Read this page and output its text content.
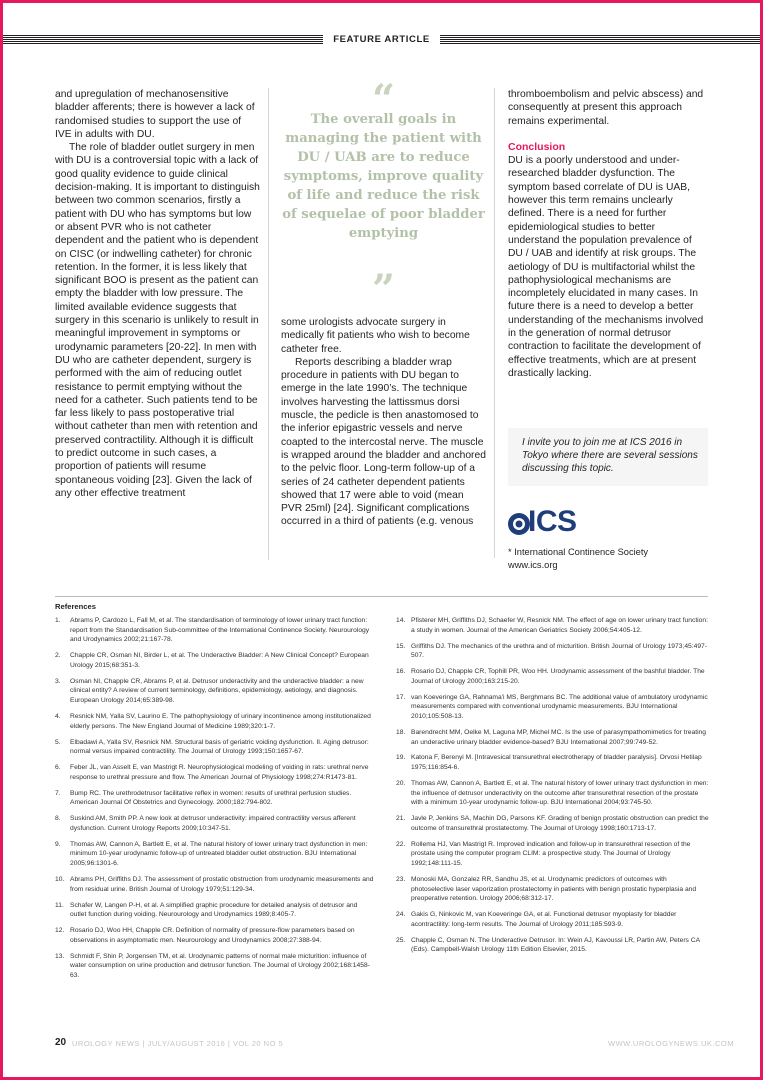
FEATURE ARTICLE

and upregulation of mechanosensitive bladder afferents; there is however a lack of randomised studies to support the use of IVE in adults with DU.

The role of bladder outlet surgery in men with DU is a controversial topic with a lack of good quality evidence to guide clinical decision-making. It is important to distinguish between two common scenarios, firstly a patient with DU who has symptoms but low or absent PVR who is not catheter dependent and the patient who is dependent on CISC (or indwelling catheter) for chronic retention. In the former, it is less likely that significant BOO is present as the patient can empty the bladder with low pressure. The limited available evidence suggests that surgery in this scenario is unlikely to result in meaningful improvement in symptoms or urodynamic parameters [20-22]. In men with DU who are catheter dependent, surgery is performed with the aim of reducing outlet resistance to permit emptying without the need for a catheter. Such patients tend to be far less likely to pass postoperative trial without catheter than men with retention and preserved contractility. Although it is difficult to predict outcome in such cases, a proportion of patients will resume spontaneous voiding [23]. Given the lack of any other effective treatment

“
The overall goals in managing the patient with DU / UAB are to reduce symptoms, improve quality of life and reduce the risk of sequelae of poor bladder emptying
”

some urologists advocate surgery in medically fit patients who wish to become catheter free.

Reports describing a bladder wrap procedure in patients with DU began to emerge in the late 1990’s. The technique involves harvesting the lattissmus dorsi muscle, the pedicle is then anastomosed to the inferior epigastric vessels and nerve coapted to the intercostal nerve. The muscle is wrapped around the bladder and anchored to the pelvic floor. Long-term follow-up of a series of 24 catheter dependent patients showed that 17 were able to void (mean PVR 25ml) [24]. Significant complications occurred in a third of patients (e.g. venous

thromboembolism and pelvic abscess) and consequently at present this approach remains experimental.

Conclusion

DU is a poorly understood and under-researched bladder dysfunction. The symptom based correlate of DU is UAB, however this term remains unclearly defined. There is a need for further epidemiological studies to better understand the population prevalence of DU / UAB and identify at risk groups. The aetiology of DU is multifactorial whilst the pathophysiological mechanisms are incompletely elucidated in many cases. In future there is a need to develop a better understanding of the mechanisms involved in the generation of normal detrusor contraction to facilitate the development of effective treatments, which are at present drastically lacking.

I invite you to join me at ICS 2016 in Tokyo where there are several sessions discussing this topic.
ICS
* International Continence Society
www.ics.org
References
1.	Abrams P, Cardozo L, Fall M, et al. The standardisation of terminology of lower urinary tract function: report from the Standardisation Sub-committee of the International Continence Society. Neurourology and Urodynamics 2002;21:167-78.
2.	Chapple CR, Osman NI, Birder L, et al. The Underactive Bladder: A New Clinical Concept? European Urology 2015;68:351-3.
3.	Osman NI, Chapple CR, Abrams P, et al. Detrusor underactivity and the underactive bladder: a new clinical entity? A review of current terminology, definitions, epidemiology, aetiology, and diagnosis. European Urology 2014;65:389-98.
4.	Resnick NM, Yalla SV, Laurino E. The pathophysiology of urinary incontinence among institutionalized elderly persons. The New England Journal of Medicine 1989;320:1-7.
5.	Elbadawi A, Yalla SV, Resnick NM. Structural basis of geriatric voiding dysfunction. II. Aging detrusor: normal versus impaired contractility. The Journal of Urology 1993;150:1657-67.
6.	Feber JL, van Asselt E, van Mastrigt R. Neurophysiological modeling of voiding in rats: urethral nerve response to urethral pressure and flow. The American Journal of Physiology 1998;274:R1473-81.
7.	Bump RC. The urethrodetrusor facilitative reflex in women: results of urethral perfusion studies. American Journal Of Obstetrics and Gynecology. 2000;182:794-802.
8.	Suskind AM, Smith PP. A new look at detrusor underactivity: impaired contractility versus afferent dysfunction. Current Urology Reports 2009;10:347-51.
9.	Thomas AW, Cannon A, Bartlett E, et al. The natural history of lower urinary tract dysfunction in men: minimum 10-year urodynamic follow-up of untreated bladder outlet obstruction. BJU International 2005;96:1301-6.
10. Abrams PH, Griffiths DJ. The assessment of prostatic obstruction from urodynamic measurements and from residual urine. British Journal of Urology 1979;51:129-34.
11. Schafer W, Langen P-H, et al. A simplified graphic procedure for detailed analysis of detrusor and outlet function during voiding. Neurourology and Urodynamics 1989;8:405-7.
12. Rosario DJ, Woo HH, Chapple CR. Definition of normality of pressure-flow parameters based on observations in asymptomatic men. Neurourology and Urodynamics 2008;27:388-94.
13. Schmidt F, Shin P, Jorgensen TM, et al. Urodynamic patterns of normal male micturition: influence of water consumption on urine production and detrusor function. The Journal of Urology 2002;168:1458-63.
14. Pfisterer MH, Griffiths DJ, Schaefer W, Resnick NM. The effect of age on lower urinary tract function: a study in women. Journal of the American Geriatrics Society 2006;54:405-12.
15. Griffiths DJ. The mechanics of the urethra and of micturition. British Journal of Urology 1973;45:497-507.
16. Rosario DJ, Chapple CR, Tophill PR, Woo HH. Urodynamic assessment of the bashful bladder. The Journal of Urology 2000;163:215-20.
17. van Koeveringe GA, Rahnama'i MS, Berghmans BC. The additional value of ambulatory urodynamic measurements compared with conventional urodynamic measurements. BJU International 2010;105:508-13.
18. Barendrecht MM, Oelke M, Laguna MP, Michel MC. Is the use of parasympathomimetics for treating an underactive urinary bladder evidence-based? BJU International 2007;99:749-52.
19. Katona F, Berenyi M. [Intravesical transurethral electrotherapy of bladder paralysis]. Orvosi Hetilap 1975;116:854-6.
20. Thomas AW, Cannon A, Bartlett E, et al. The natural history of lower urinary tract dysfunction in men: the influence of detrusor underactivity on the outcome after transurethral resection of the prostate with a minimum 10-year urodynamic follow-up. BJU International 2004;93:745-50.
21. Javle P, Jenkins SA, Machin DG, Parsons KF. Grading of benign prostatic obstruction can predict the outcome of transurethral prostatectomy. The Journal of Urology 1998;160:1713-17.
22. Rollema HJ, Van Mastrigt R. Improved indication and follow-up in transurethral resection of the prostate using the computer program CLIM: a prospective study. The Journal of Urology 1992;148:111-15.
23. Monoski MA, Gonzalez RR, Sandhu JS, et al. Urodynamic predictors of outcomes with photoselective laser vaporization prostatectomy in patients with benign prostatic hyperplasia and preoperative retention. Urology 2006;68:312-17.
24. Gakis G, Ninkovic M, van Koeveringe GA, et al. Functional detrusor myoplasty for bladder acontractility: long-term results. The Journal of Urology 2011;185:593-9.
25. Chapple C, Osman N. The Underactive Detrusor. In: Wein AJ, Kavoussi LR, Partin AW, Peters CA (Eds). Campbell-Walsh Urology 11th Edition Elsevier, 2015.
20 UROLOGY NEWS | JULY/AUGUST 2016 | VOL 20 NO 5	WWW.UROLOGYNEWS.UK.COM
